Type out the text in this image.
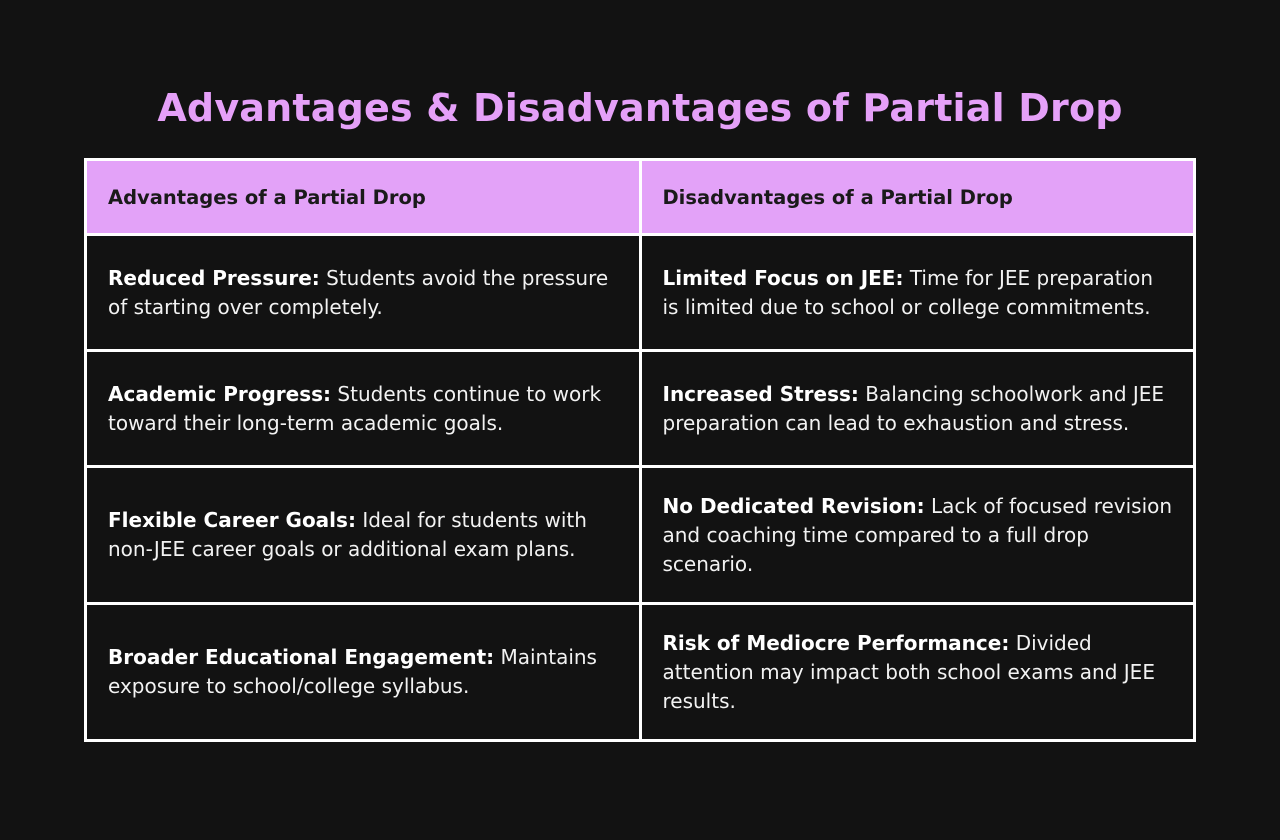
Advantages & Disadvantages of Partial Drop
Advantages of a Partial Drop	Disadvantages of a Partial Drop
Reduced Pressure: Students avoid the pressure of starting over completely.	Limited Focus on JEE: Time for JEE preparation is limited due to school or college commitments.
Academic Progress: Students continue to work toward their long-term academic goals.	Increased Stress: Balancing schoolwork and JEE preparation can lead to exhaustion and stress.
Flexible Career Goals: Ideal for students with non-JEE career goals or additional exam plans.	No Dedicated Revision: Lack of focused revision and coaching time compared to a full drop scenario.
Broader Educational Engagement: Maintains exposure to school/college syllabus.	Risk of Mediocre Performance: Divided attention may impact both school exams and JEE results.
